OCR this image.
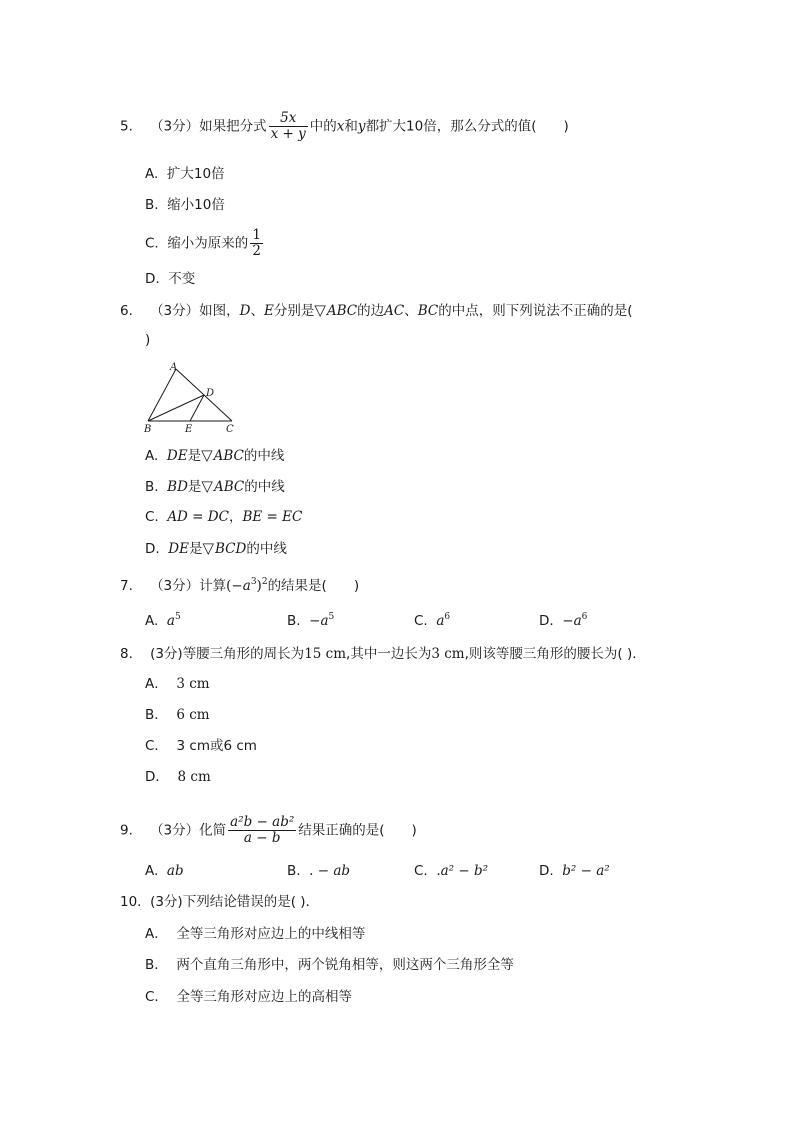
5. （3分）如果把分式 $\frac{5x}{x + y}$ 中的x和y都扩大10倍，那么分式的值(　　)
A. 扩大10倍
B. 缩小10倍
C. 缩小为原来的 $\frac{1}{2}$
D. 不变
6. （3分）如图，D、E分别是▽ABC的边AC、BC的中点，则下列说法不正确的是(
)
A
D
B	E	C
A. DE是▽ABC的中线
B. BD是▽ABC的中线
C. AD = DC，BE = EC
D. DE是▽BCD的中线
7. （3分）计算$(-a^3)^2$的结果是(　　)
A. $a^5$	B. $-a^5$	C. $a^6$	D. $-a^6$
8. (3分)等腰三角形的周长为15 cm,其中一边长为3 cm,则该等腰三角形的腰长为( ).
A． 3 cm
B． 6 cm
C． 3 cm或6 cm
D． 8 cm
9. （3分）化简 $\frac{\text{a²b − ab²}}{a - b}$ 结果正确的是(　　)
A. ab	B. . − ab	C. .a² − b²	D. b² − a²
10. (3分)下列结论错误的是( ).
A． 全等三角形对应边上的中线相等
B． 两个直角三角形中，两个锐角相等，则这两个三角形全等
C． 全等三角形对应边上的高相等
